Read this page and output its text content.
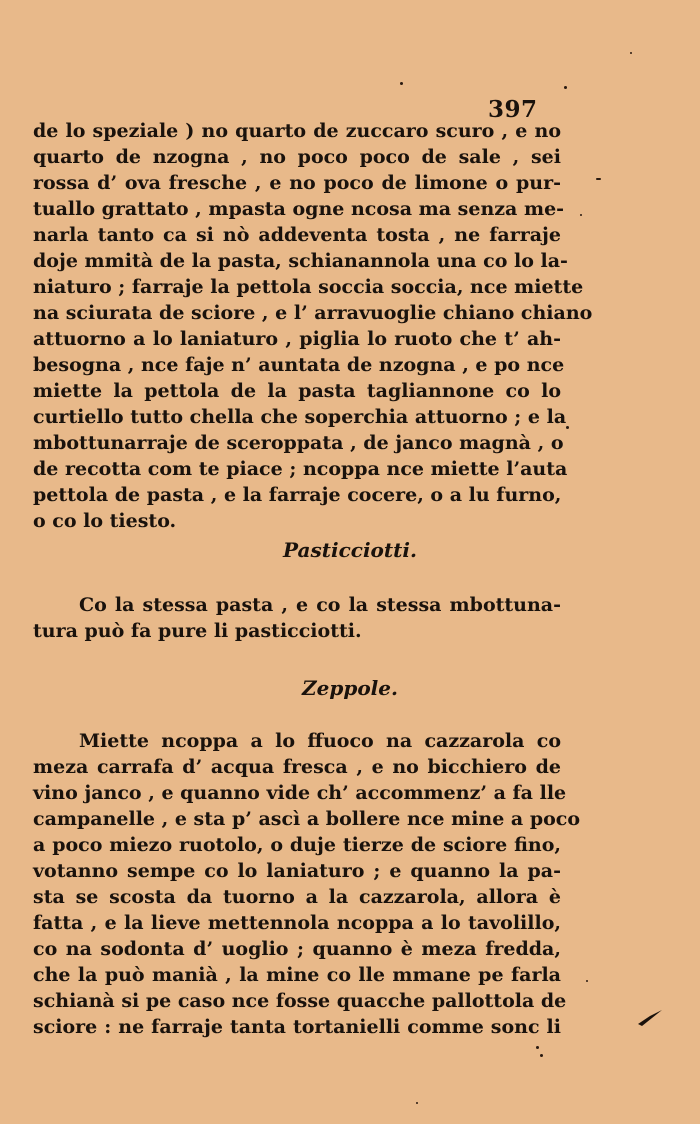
397
de lo speziale ) no quarto de zuccaro scuro , e no
quarto de nzogna , no poco poco de sale , sei
rossa d’ ova fresche , e no poco de limone o pur-
tuallo grattato , mpasta ogne ncosa ma senza me-
narla tanto ca si nò addeventa tosta , ne farraje
doje mmità de la pasta, schianannola una co lo la-
niaturo ; farraje la pettola soccia soccia, nce miette
na sciurata de sciore , e l’ arravuoglie chiano chiano
attuorno a lo laniaturo , piglia lo ruoto che t’ ah-
besogna , nce faje n’ auntata de nzogna , e po nce
miette la pettola de la pasta tagliannone co lo
curtiello tutto chella che soperchia attuorno ; e la
mbottunarraje de sceroppata , de janco magnà , o
de recotta com te piace ; ncoppa nce miette l’auta
pettola de pasta , e la farraje cocere, o a lu furno,
o co lo tiesto.
Pasticciotti.
Co la stessa pasta , e co la stessa mbottuna-
tura può fa pure li pasticciotti.
Zeppole.
Miette ncoppa a lo ffuoco na cazzarola co
meza carrafa d’ acqua fresca , e no bicchiero de
vino janco , e quanno vide ch’ accommenz’ a fa lle
campanelle , e sta p’ ascì a bollere nce mine a poco
a poco miezo ruotolo, o duje tierze de sciore fino,
votanno sempe co lo laniaturo ; e quanno la pa-
sta se scosta da tuorno a la cazzarola, allora è
fatta , e la lieve mettennola ncoppa a lo tavolillo,
co na sodonta d’ uoglio ; quanno è meza fredda,
che la può manià , la mine co lle mmane pe farla
schianà si pe caso nce fosse quacche pallottola de
sciore : ne farraje tanta tortanielli comme sonc li
